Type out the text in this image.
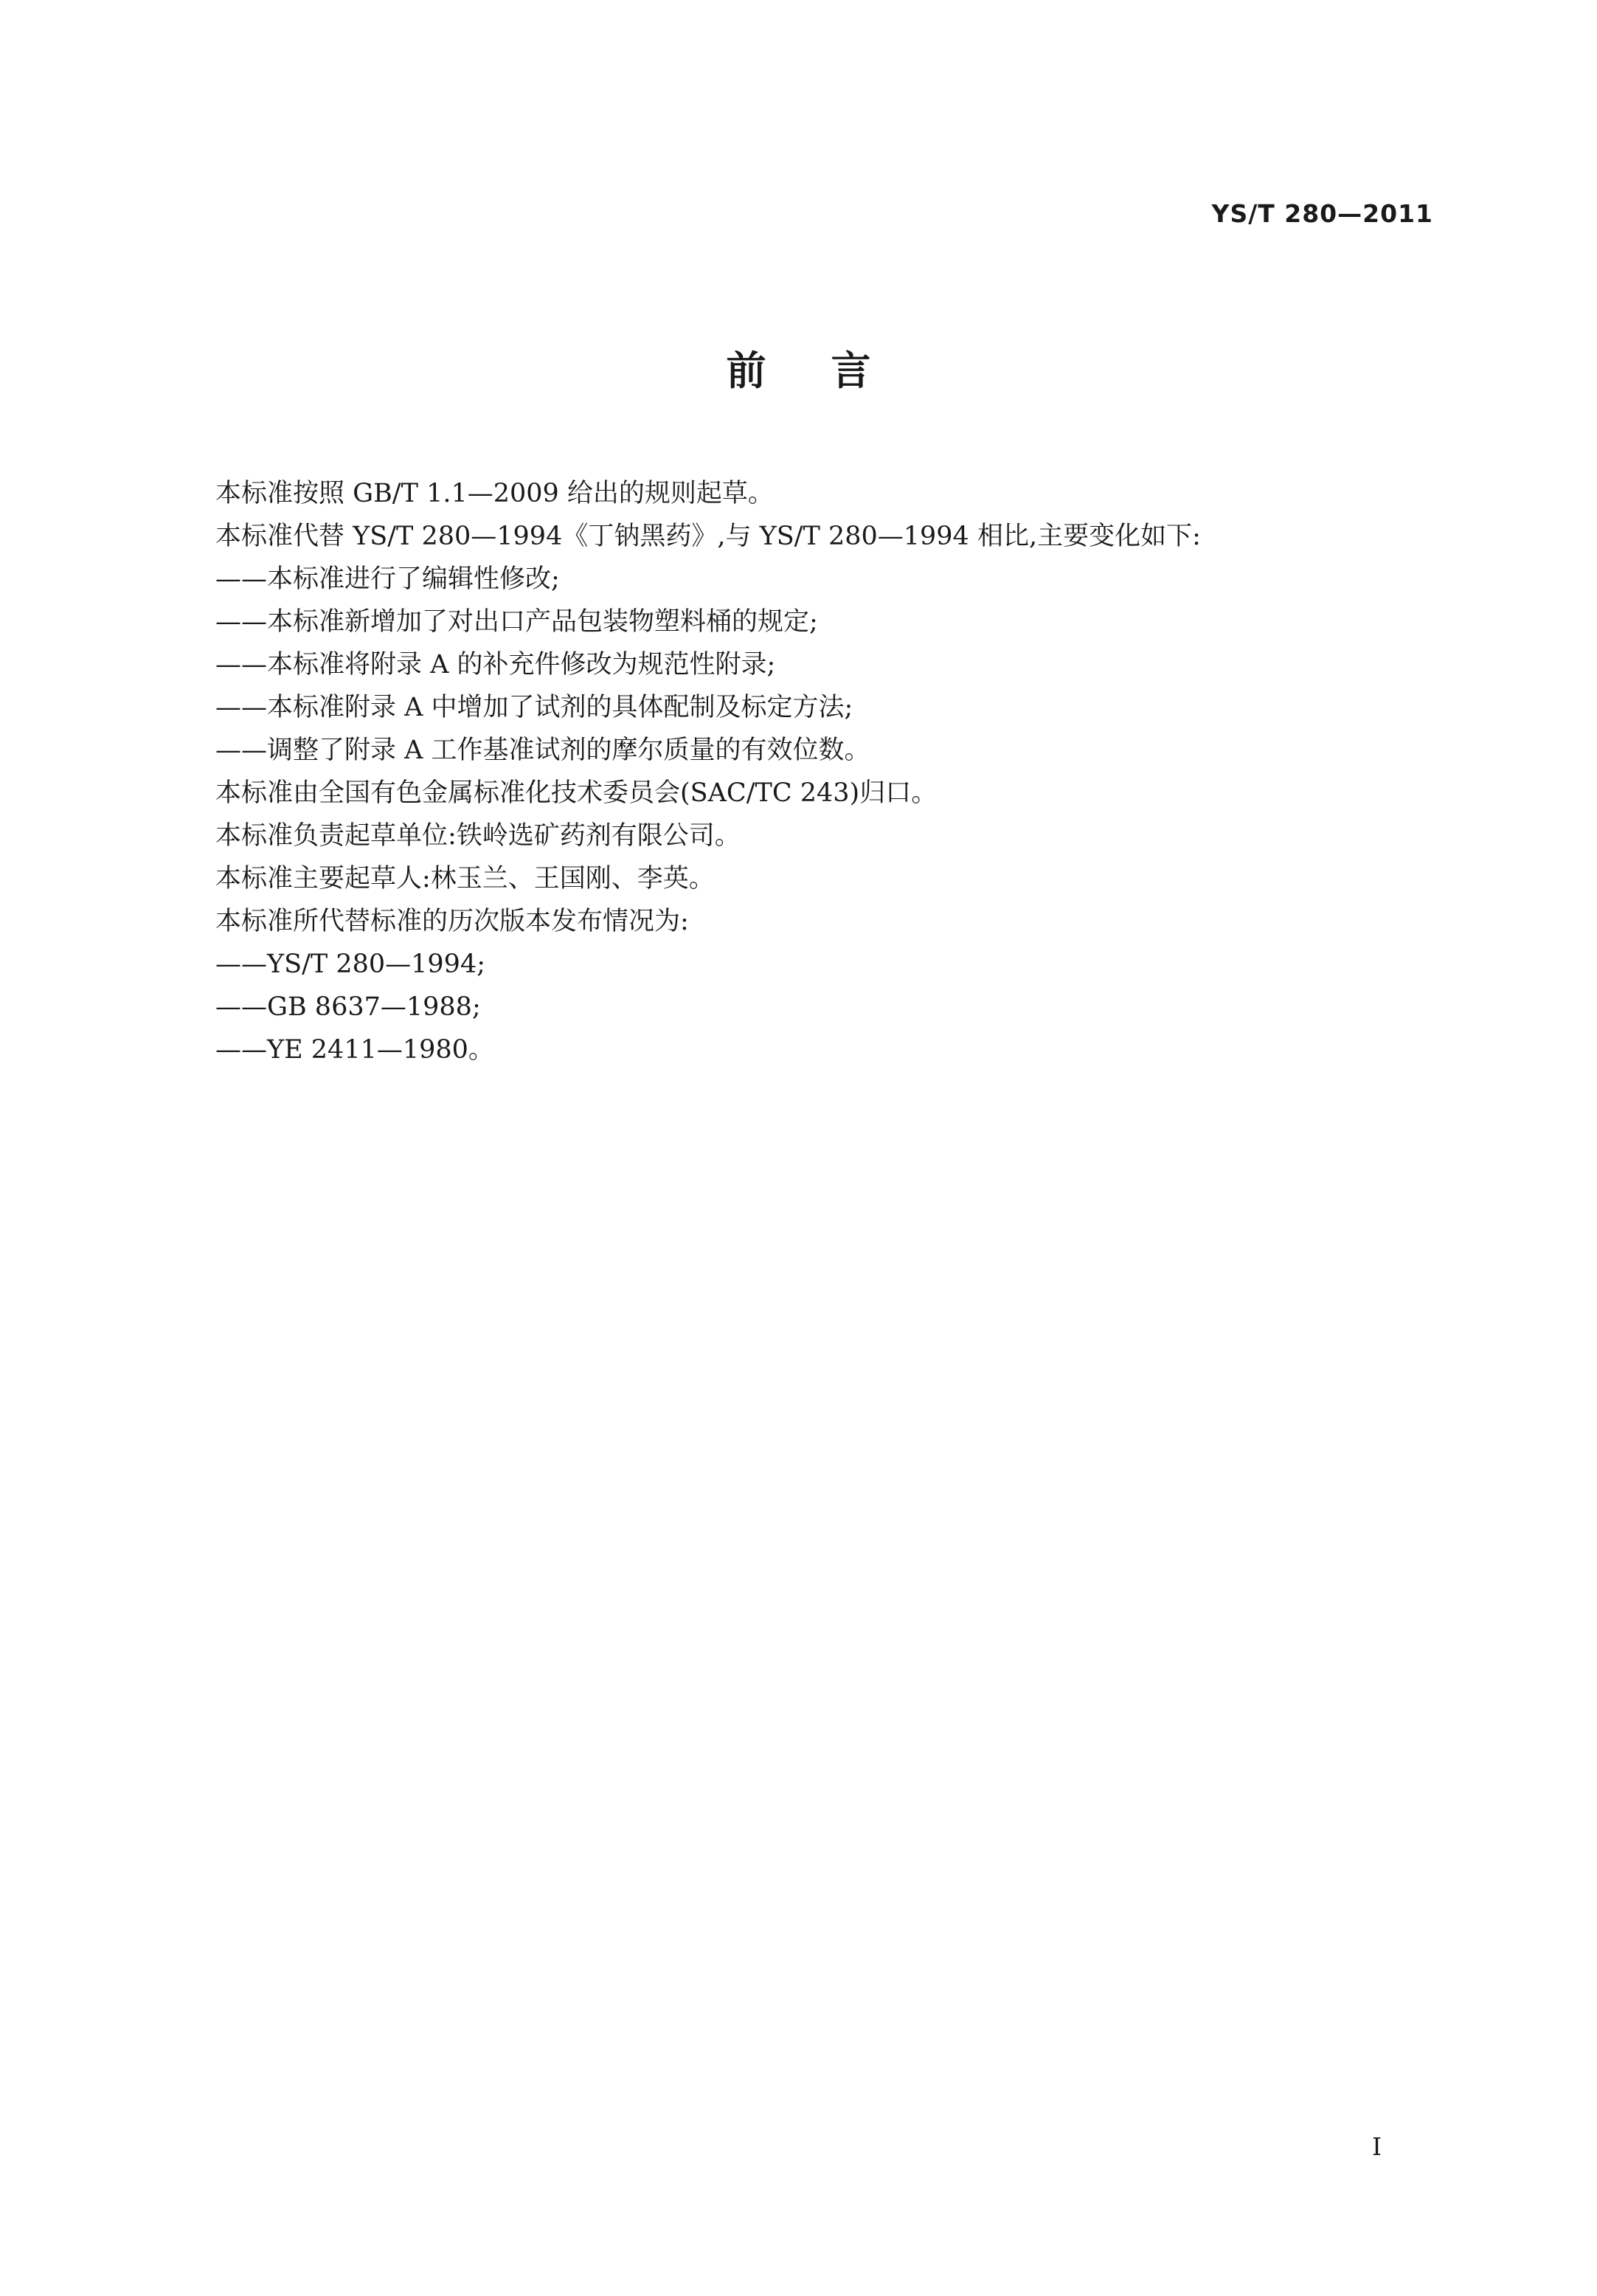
YS/T 280—2011
前言
本标准按照 GB/T 1.1—2009 给出的规则起草。
本标准代替 YS/T 280—1994《丁钠黑药》,与 YS/T 280—1994 相比,主要变化如下:
——本标准进行了编辑性修改;
——本标准新增加了对出口产品包装物塑料桶的规定;
——本标准将附录 A 的补充件修改为规范性附录;
——本标准附录 A 中增加了试剂的具体配制及标定方法;
——调整了附录 A 工作基准试剂的摩尔质量的有效位数。
本标准由全国有色金属标准化技术委员会(SAC/TC 243)归口。
本标准负责起草单位:铁岭选矿药剂有限公司。
本标准主要起草人:林玉兰、王国刚、李英。
本标准所代替标准的历次版本发布情况为:
——YS/T 280—1994;
——GB 8637—1988;
——YE 2411—1980。
I
